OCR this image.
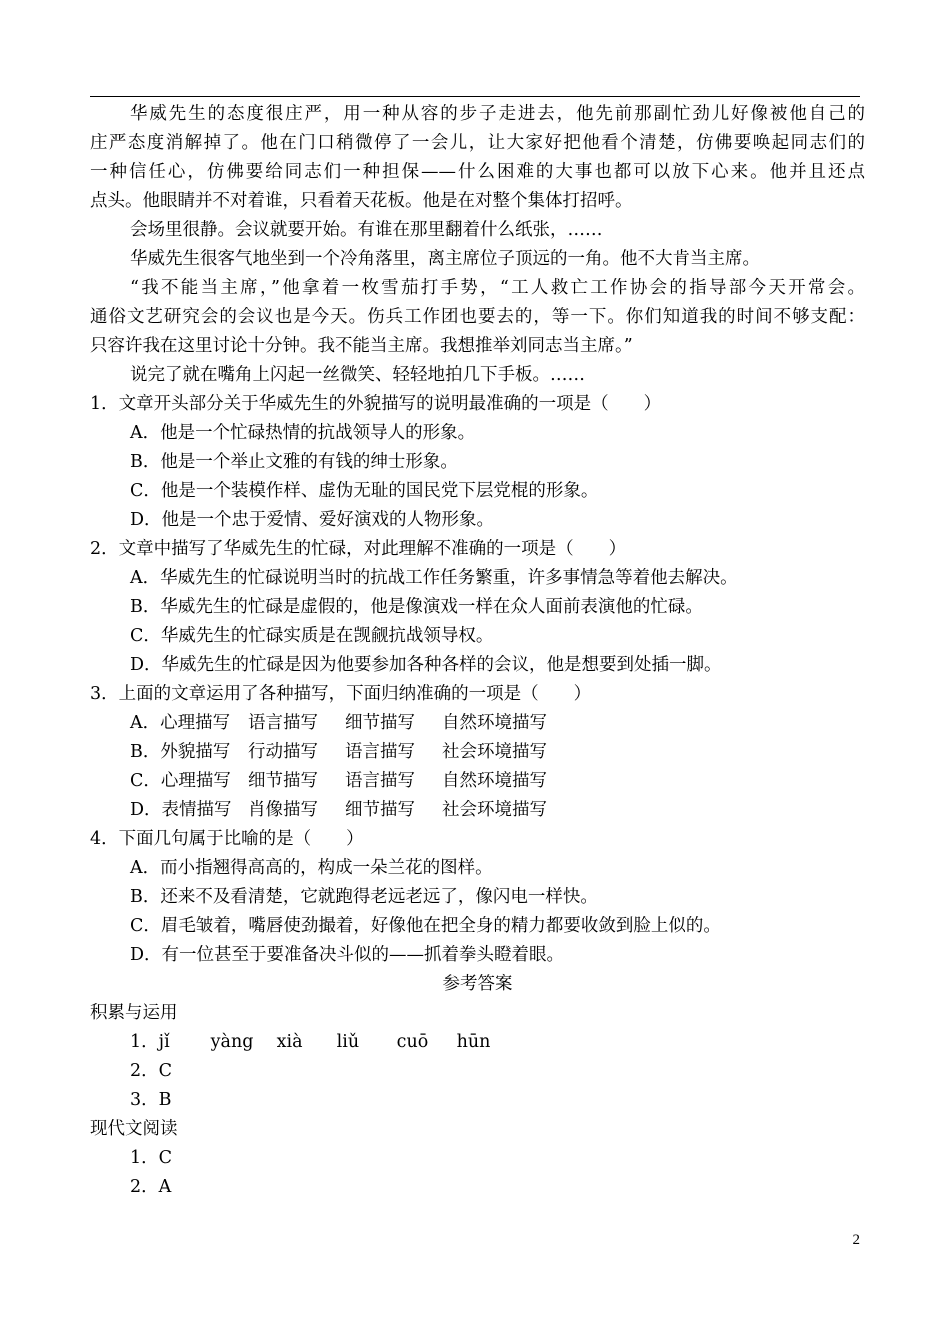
华威先生的态度很庄严，用一种从容的步子走进去，他先前那副忙劲儿好像被他自己的
庄严态度消解掉了。他在门口稍微停了一会儿，让大家好把他看个清楚，仿佛要唤起同志们的
一种信任心，仿佛要给同志们一种担保——什么困难的大事也都可以放下心来。他并且还点
点头。他眼睛并不对着谁，只看着天花板。他是在对整个集体打招呼。
会场里很静。会议就要开始。有谁在那里翻着什么纸张，……
华威先生很客气地坐到一个冷角落里，离主席位子顶远的一角。他不大肯当主席。
“我不能当主席，”他拿着一枚雪茄打手势，“工人救亡工作协会的指导部今天开常会。
通俗文艺研究会的会议也是今天。伤兵工作团也要去的，等一下。你们知道我的时间不够支配：
只容许我在这里讨论十分钟。我不能当主席。我想推举刘同志当主席。”
说完了就在嘴角上闪起一丝微笑、轻轻地拍几下手板。……
1．文章开头部分关于华威先生的外貌描写的说明最准确的一项是（　　）
A．他是一个忙碌热情的抗战领导人的形象。
B．他是一个举止文雅的有钱的绅士形象。
C．他是一个装模作样、虚伪无耻的国民党下层党棍的形象。
D．他是一个忠于爱情、爱好演戏的人物形象。
2．文章中描写了华威先生的忙碌，对此理解不准确的一项是（　　）
A．华威先生的忙碌说明当时的抗战工作任务繁重，许多事情急等着他去解决。
B．华威先生的忙碌是虚假的，他是像演戏一样在众人面前表演他的忙碌。
C．华威先生的忙碌实质是在觊觎抗战领导权。
D．华威先生的忙碌是因为他要参加各种各样的会议，他是想要到处插一脚。
3．上面的文章运用了各种描写，下面归纳准确的一项是（　　）
A．心理描写 语言描写 细节描写 自然环境描写
B．外貌描写 行动描写 语言描写 社会环境描写
C．心理描写 细节描写 语言描写 自然环境描写
D．表情描写 肖像描写 细节描写 社会环境描写
4．下面几句属于比喻的是（　　）
A．而小指翘得高高的，构成一朵兰花的图样。
B．还来不及看清楚，它就跑得老远老远了，像闪电一样快。
C．眉毛皱着，嘴唇使劲撮着，好像他在把全身的精力都要收敛到脸上似的。
D．有一位甚至于要准备决斗似的——抓着拳头瞪着眼。
参考答案
积累与运用
1．jǐ yàng xià liǔ cuō hūn
2．C
3．B
现代文阅读
1．C
2．A
2
